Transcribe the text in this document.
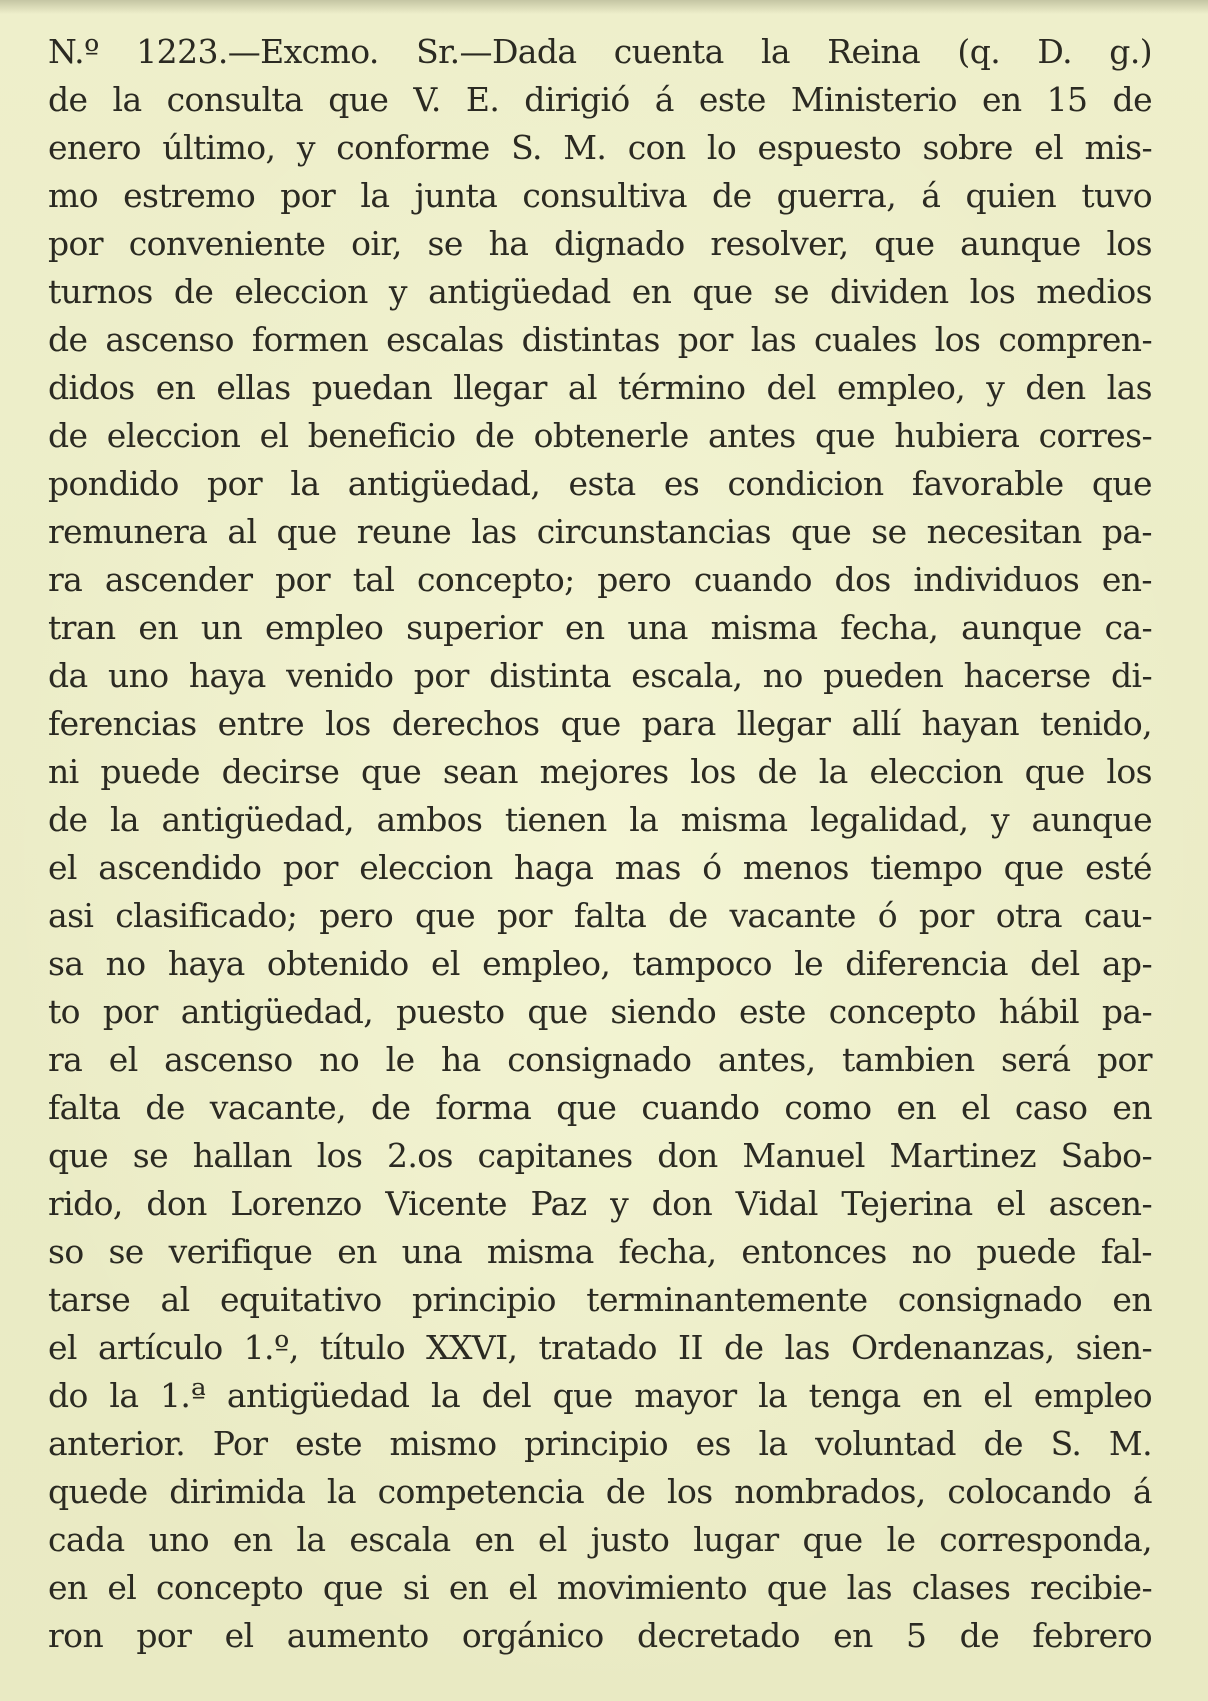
N.º 1223.—Excmo. Sr.—Dada cuenta la Reina (q. D. g.)
de la consulta que V. E. dirigió á este Ministerio en 15 de
enero último, y conforme S. M. con lo espuesto sobre el mis-
mo estremo por la junta consultiva de guerra, á quien tuvo
por conveniente oir, se ha dignado resolver, que aunque los
turnos de eleccion y antigüedad en que se dividen los medios
de ascenso formen escalas distintas por las cuales los compren-
didos en ellas puedan llegar al término del empleo, y den las
de eleccion el beneficio de obtenerle antes que hubiera corres-
pondido por la antigüedad, esta es condicion favorable que
remunera al que reune las circunstancias que se necesitan pa-
ra ascender por tal concepto; pero cuando dos individuos en-
tran en un empleo superior en una misma fecha, aunque ca-
da uno haya venido por distinta escala, no pueden hacerse di-
ferencias entre los derechos que para llegar allí hayan tenido,
ni puede decirse que sean mejores los de la eleccion que los
de la antigüedad, ambos tienen la misma legalidad, y aunque
el ascendido por eleccion haga mas ó menos tiempo que esté
asi clasificado; pero que por falta de vacante ó por otra cau-
sa no haya obtenido el empleo, tampoco le diferencia del ap-
to por antigüedad, puesto que siendo este concepto hábil pa-
ra el ascenso no le ha consignado antes, tambien será por
falta de vacante, de forma que cuando como en el caso en
que se hallan los 2.os capitanes don Manuel Martinez Sabo-
rido, don Lorenzo Vicente Paz y don Vidal Tejerina el ascen-
so se verifique en una misma fecha, entonces no puede fal-
tarse al equitativo principio terminantemente consignado en
el artículo 1.º, título XXVI, tratado II de las Ordenanzas, sien-
do la 1.ª antigüedad la del que mayor la tenga en el empleo
anterior. Por este mismo principio es la voluntad de S. M.
quede dirimida la competencia de los nombrados, colocando á
cada uno en la escala en el justo lugar que le corresponda,
en el concepto que si en el movimiento que las clases recibie-
ron por el aumento orgánico decretado en 5 de febrero
